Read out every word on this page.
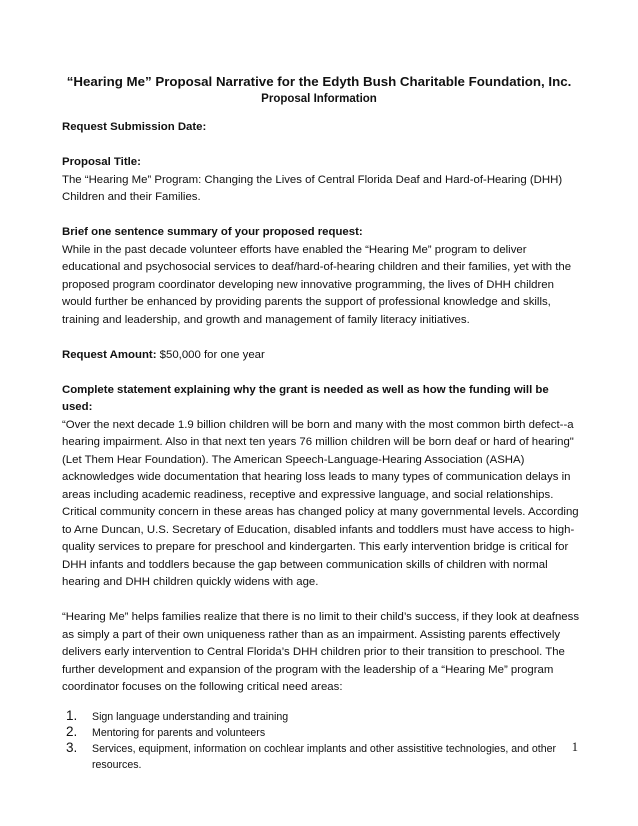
“Hearing Me” Proposal Narrative for the Edyth Bush Charitable Foundation, Inc.
Proposal Information

Request Submission Date:

Proposal Title:

The “Hearing Me” Program: Changing the Lives of Central Florida Deaf and Hard-of-Hearing (DHH) Children and their Families.

Brief one sentence summary of your proposed request:

While in the past decade volunteer efforts have enabled the “Hearing Me” program to deliver educational and psychosocial services to deaf/hard-of-hearing children and their families, yet with the proposed program coordinator developing new innovative programming, the lives of DHH children would further be enhanced by providing parents the support of professional knowledge and skills, training and leadership, and growth and management of family literacy initiatives.

Request Amount: $50,000 for one year

Complete statement explaining why the grant is needed as well as how the funding will be used:

“Over the next decade 1.9 billion children will be born and many with the most common birth defect--a hearing impairment. Also in that next ten years 76 million children will be born deaf or hard of hearing" (Let Them Hear Foundation). The American Speech-Language-Hearing Association (ASHA) acknowledges wide documentation that hearing loss leads to many types of communication delays in areas including academic readiness, receptive and expressive language, and social relationships. Critical community concern in these areas has changed policy at many governmental levels. According to Arne Duncan, U.S. Secretary of Education, disabled infants and toddlers must have access to high-quality services to prepare for preschool and kindergarten. This early intervention bridge is critical for DHH infants and toddlers because the gap between communication skills of children with normal hearing and DHH children quickly widens with age.

“Hearing Me” helps families realize that there is no limit to their child’s success, if they look at deafness as simply a part of their own uniqueness rather than as an impairment. Assisting parents effectively delivers early intervention to Central Florida’s DHH children prior to their transition to preschool. The further development and expansion of the program with the leadership of a “Hearing Me” program coordinator focuses on the following critical need areas:

1. Sign language understanding and training
2. Mentoring for parents and volunteers
3. Services, equipment, information on cochlear implants and other assistitive technologies, and other resources.
1
